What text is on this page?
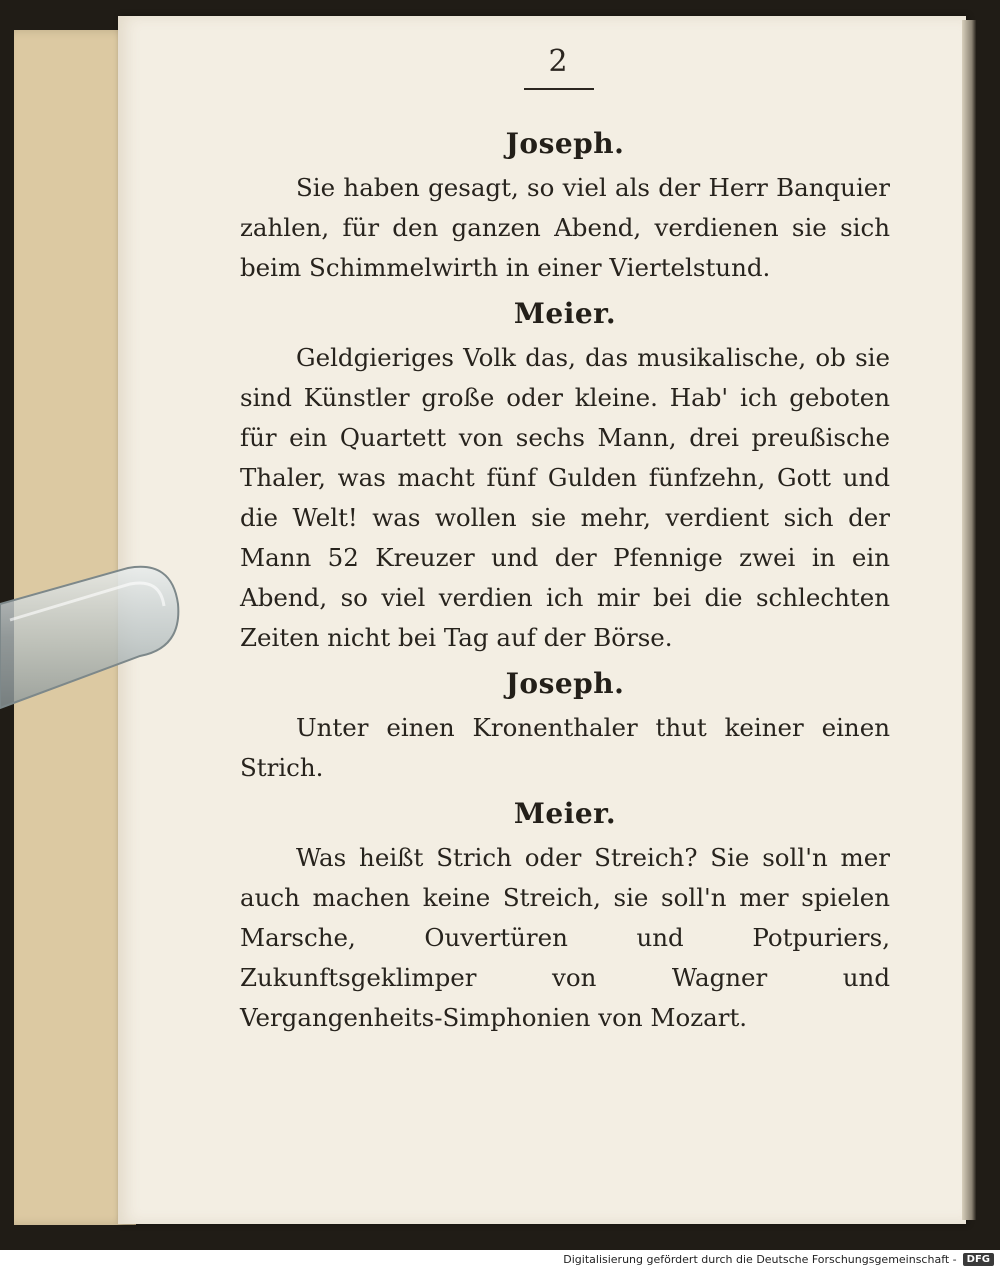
2
Joseph.
Sie haben gesagt, so viel als der Herr Banquier zahlen, für den ganzen Abend, verdienen sie sich beim Schimmelwirth in einer Viertelstund.
Meier.
Geldgieriges Volk das, das musikalische, ob sie sind Künstler große oder kleine. Hab' ich geboten für ein Quartett von sechs Mann, drei preußische Thaler, was macht fünf Gulden fünfzehn, Gott und die Welt! was wollen sie mehr, verdient sich der Mann 52 Kreuzer und der Pfennige zwei in ein Abend, so viel verdien ich mir bei die schlechten Zeiten nicht bei Tag auf der Börse.
Joseph.
Unter einen Kronenthaler thut keiner einen Strich.
Meier.
Was heißt Strich oder Streich? Sie soll'n mer auch machen keine Streich, sie soll'n mer spielen Marsche, Ouvertüren und Potpuriers, Zukunftsgeklimper von Wagner und Vergangenheits-Simphonien von Mozart.
Digitalisierung gefördert durch die Deutsche Forschungsgemeinschaft -	DFG
